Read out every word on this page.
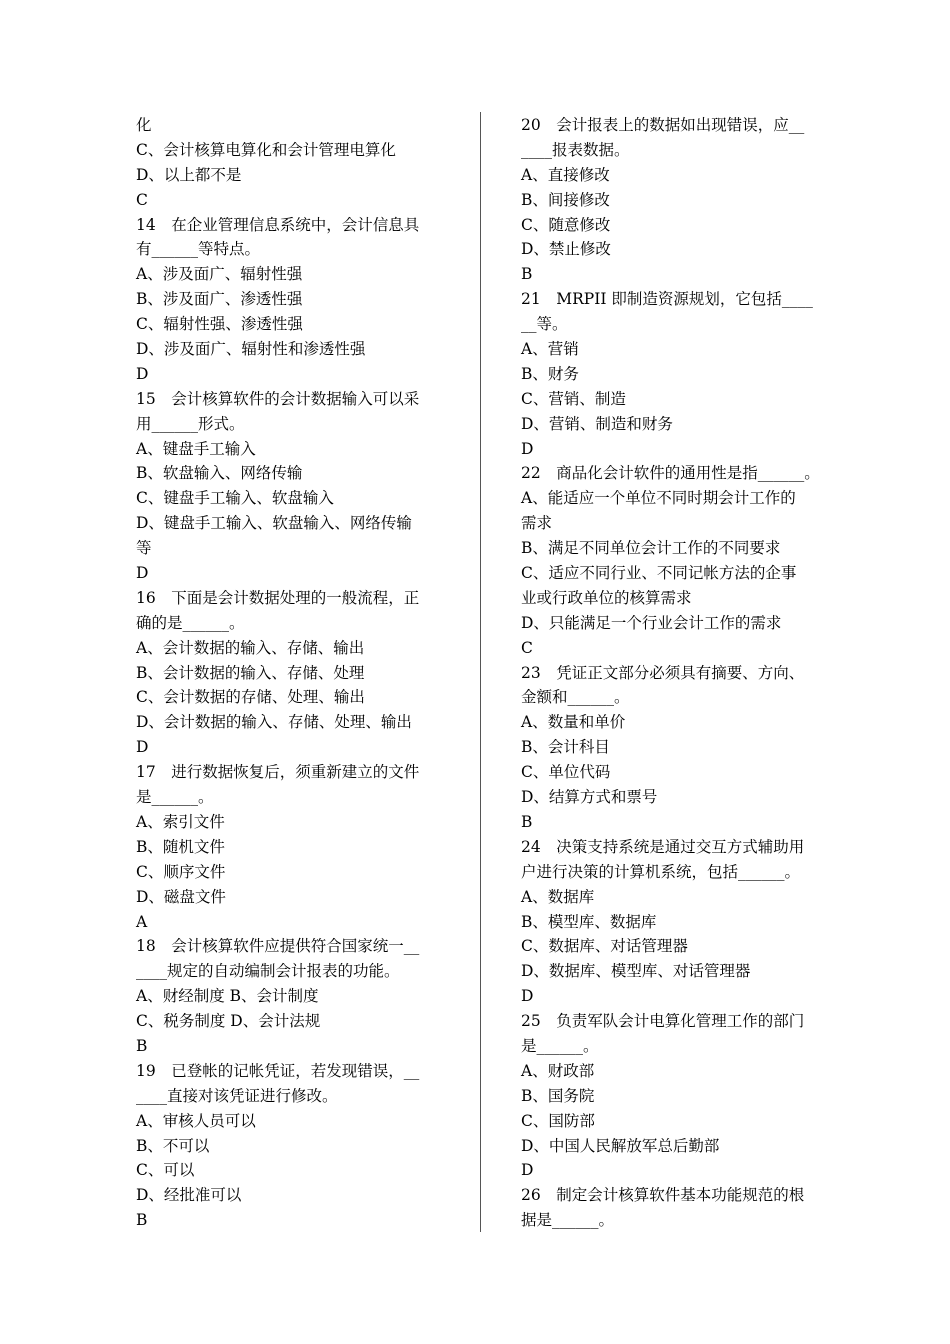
化
C、会计核算电算化和会计管理电算化
D、以上都不是
C
14　在企业管理信息系统中，会计信息具
有______等特点。
A、涉及面广、辐射性强
B、涉及面广、渗透性强
C、辐射性强、渗透性强
D、涉及面广、辐射性和渗透性强
D
15　会计核算软件的会计数据输入可以采
用______形式。
A、键盘手工输入
B、软盘输入、网络传输
C、键盘手工输入、软盘输入
D、键盘手工输入、软盘输入、网络传输
等
D
16　下面是会计数据处理的一般流程，正
确的是______。
A、会计数据的输入、存储、输出
B、会计数据的输入、存储、处理
C、会计数据的存储、处理、输出
D、会计数据的输入、存储、处理、输出
D
17　进行数据恢复后，须重新建立的文件
是______。
A、索引文件
B、随机文件
C、顺序文件
D、磁盘文件
A
18　会计核算软件应提供符合国家统一__
____规定的自动编制会计报表的功能。
A、财经制度 B、会计制度
C、税务制度 D、会计法规
B
19　已登帐的记帐凭证，若发现错误，__
____直接对该凭证进行修改。
A、审核人员可以
B、不可以
C、可以
D、经批准可以
B
20　会计报表上的数据如出现错误，应__
____报表数据。
A、直接修改
B、间接修改
C、随意修改
D、禁止修改
B
21　MRPII 即制造资源规划，它包括____
__等。
A、营销
B、财务
C、营销、制造
D、营销、制造和财务
D
22　商品化会计软件的通用性是指______。
A、能适应一个单位不同时期会计工作的
需求
B、满足不同单位会计工作的不同要求
C、适应不同行业、不同记帐方法的企事
业或行政单位的核算需求
D、只能满足一个行业会计工作的需求
C
23　凭证正文部分必须具有摘要、方向、
金额和______。
A、数量和单价
B、会计科目
C、单位代码
D、结算方式和票号
B
24　决策支持系统是通过交互方式辅助用
户进行决策的计算机系统，包括______。
A、数据库
B、模型库、数据库
C、数据库、对话管理器
D、数据库、模型库、对话管理器
D
25　负责军队会计电算化管理工作的部门
是______。
A、财政部
B、国务院
C、国防部
D、中国人民解放军总后勤部
D
26　制定会计核算软件基本功能规范的根
据是______。
